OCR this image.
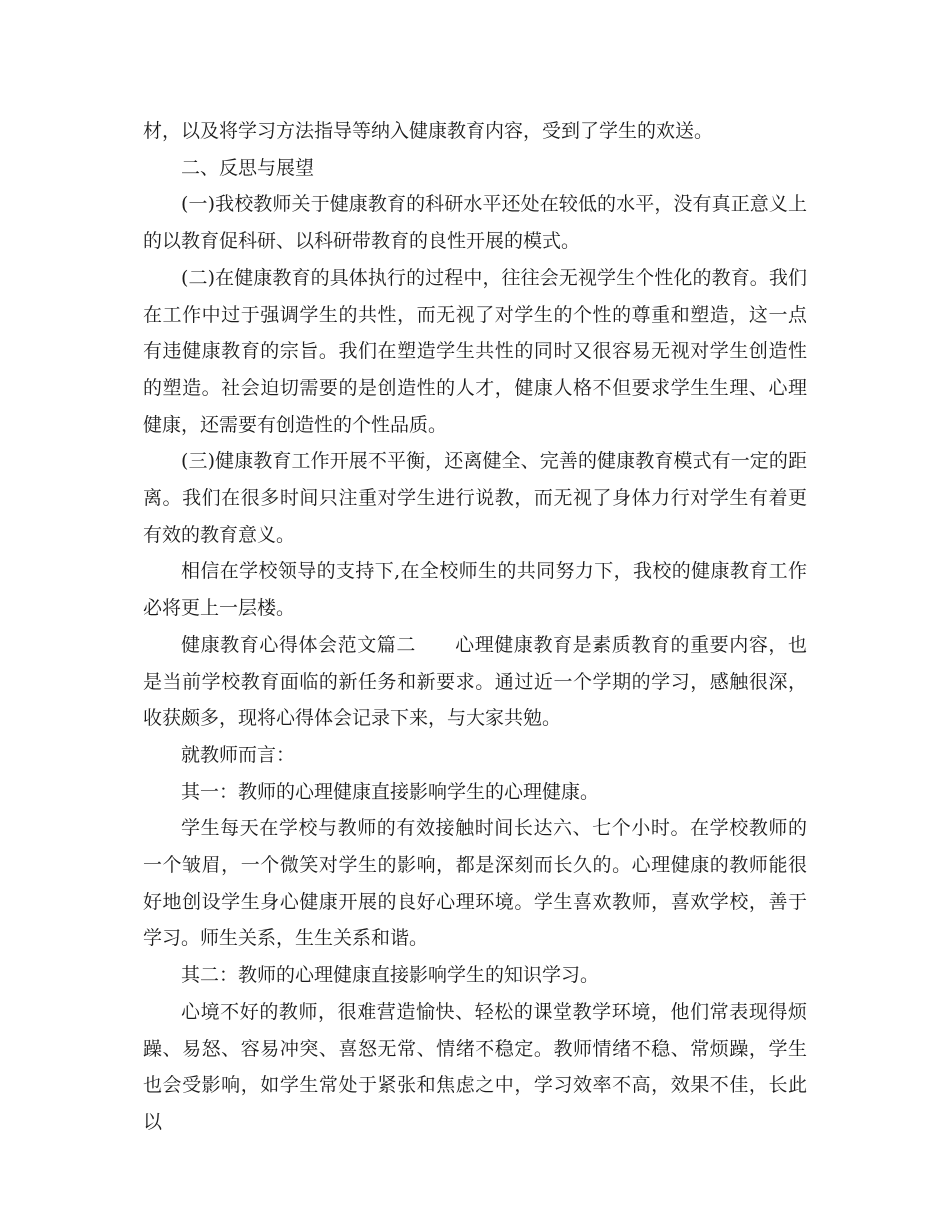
材，以及将学习方法指导等纳入健康教育内容，受到了学生的欢送。

二、反思与展望

(一)我校教师关于健康教育的科研水平还处在较低的水平，没有真正意义上的以教育促科研、以科研带教育的良性开展的模式。

(二)在健康教育的具体执行的过程中，往往会无视学生个性化的教育。我们在工作中过于强调学生的共性，而无视了对学生的个性的尊重和塑造，这一点有违健康教育的宗旨。我们在塑造学生共性的同时又很容易无视对学生创造性的塑造。社会迫切需要的是创造性的人才，健康人格不但要求学生生理、心理健康，还需要有创造性的个性品质。

(三)健康教育工作开展不平衡，还离健全、完善的健康教育模式有一定的距离。我们在很多时间只注重对学生进行说教，而无视了身体力行对学生有着更有效的教育意义。

相信在学校领导的支持下,在全校师生的共同努力下，我校的健康教育工作必将更上一层楼。

健康教育心得体会范文篇二　　心理健康教育是素质教育的重要内容，也是当前学校教育面临的新任务和新要求。通过近一个学期的学习，感触很深，收获颇多，现将心得体会记录下来，与大家共勉。

就教师而言：

其一：教师的心理健康直接影响学生的心理健康。

学生每天在学校与教师的有效接触时间长达六、七个小时。在学校教师的一个皱眉，一个微笑对学生的影响，都是深刻而长久的。心理健康的教师能很好地创设学生身心健康开展的良好心理环境。学生喜欢教师，喜欢学校，善于学习。师生关系，生生关系和谐。

其二：教师的心理健康直接影响学生的知识学习。

心境不好的教师，很难营造愉快、轻松的课堂教学环境，他们常表现得烦躁、易怒、容易冲突、喜怒无常、情绪不稳定。教师情绪不稳、常烦躁，学生也会受影响，如学生常处于紧张和焦虑之中，学习效率不高，效果不佳，长此以
